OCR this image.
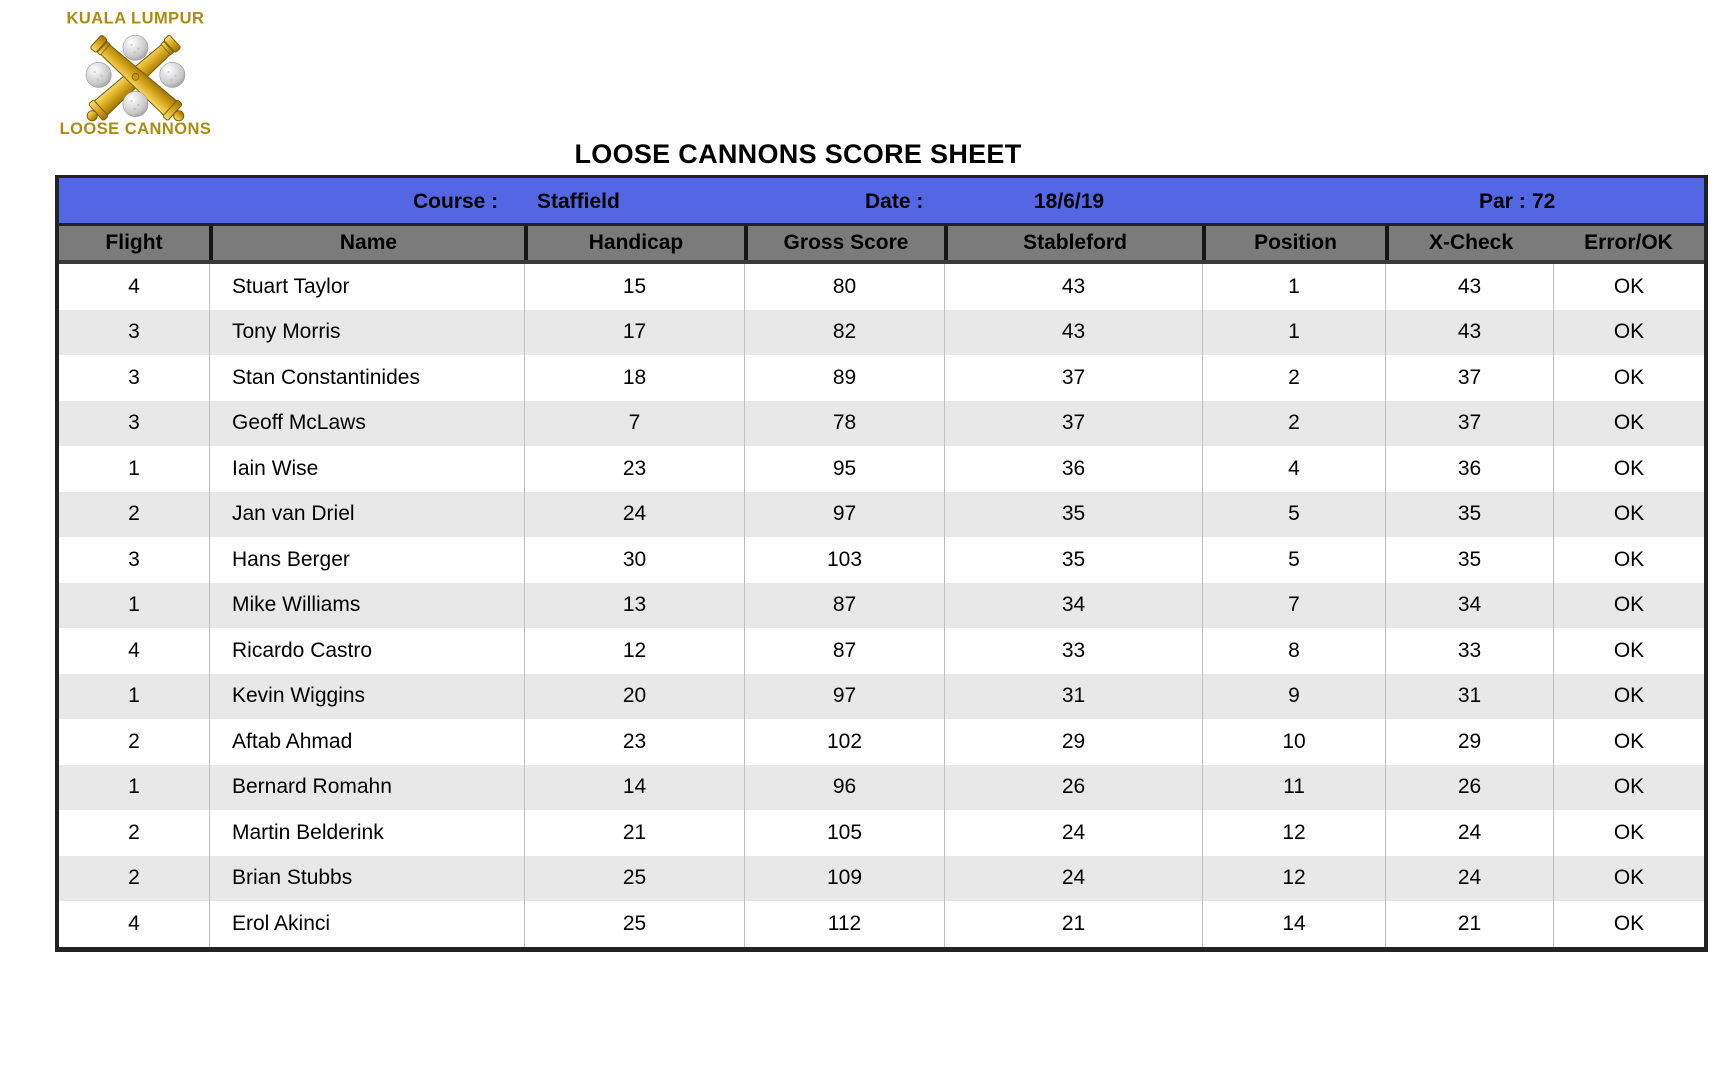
KUALA LUMPUR
LOOSE CANNONS
LOOSE CANNONS SCORE SHEET
Course : Staffield	Date :	18/6/19	Par : 72
Flight	Name	Handicap	Gross Score	Stableford	Position	X-Check	Error/OK
4	Stuart Taylor	15	80	43	1	43	OK
3	Tony Morris	17	82	43	1	43	OK
3	Stan Constantinides	18	89	37	2	37	OK
3	Geoff McLaws	7	78	37	2	37	OK
1	Iain Wise	23	95	36	4	36	OK
2	Jan van Driel	24	97	35	5	35	OK
3	Hans Berger	30	103	35	5	35	OK
1	Mike Williams	13	87	34	7	34	OK
4	Ricardo Castro	12	87	33	8	33	OK
1	Kevin Wiggins	20	97	31	9	31	OK
2	Aftab Ahmad	23	102	29	10	29	OK
1	Bernard Romahn	14	96	26	11	26	OK
2	Martin Belderink	21	105	24	12	24	OK
2	Brian Stubbs	25	109	24	12	24	OK
4	Erol Akinci	25	112	21	14	21	OK
